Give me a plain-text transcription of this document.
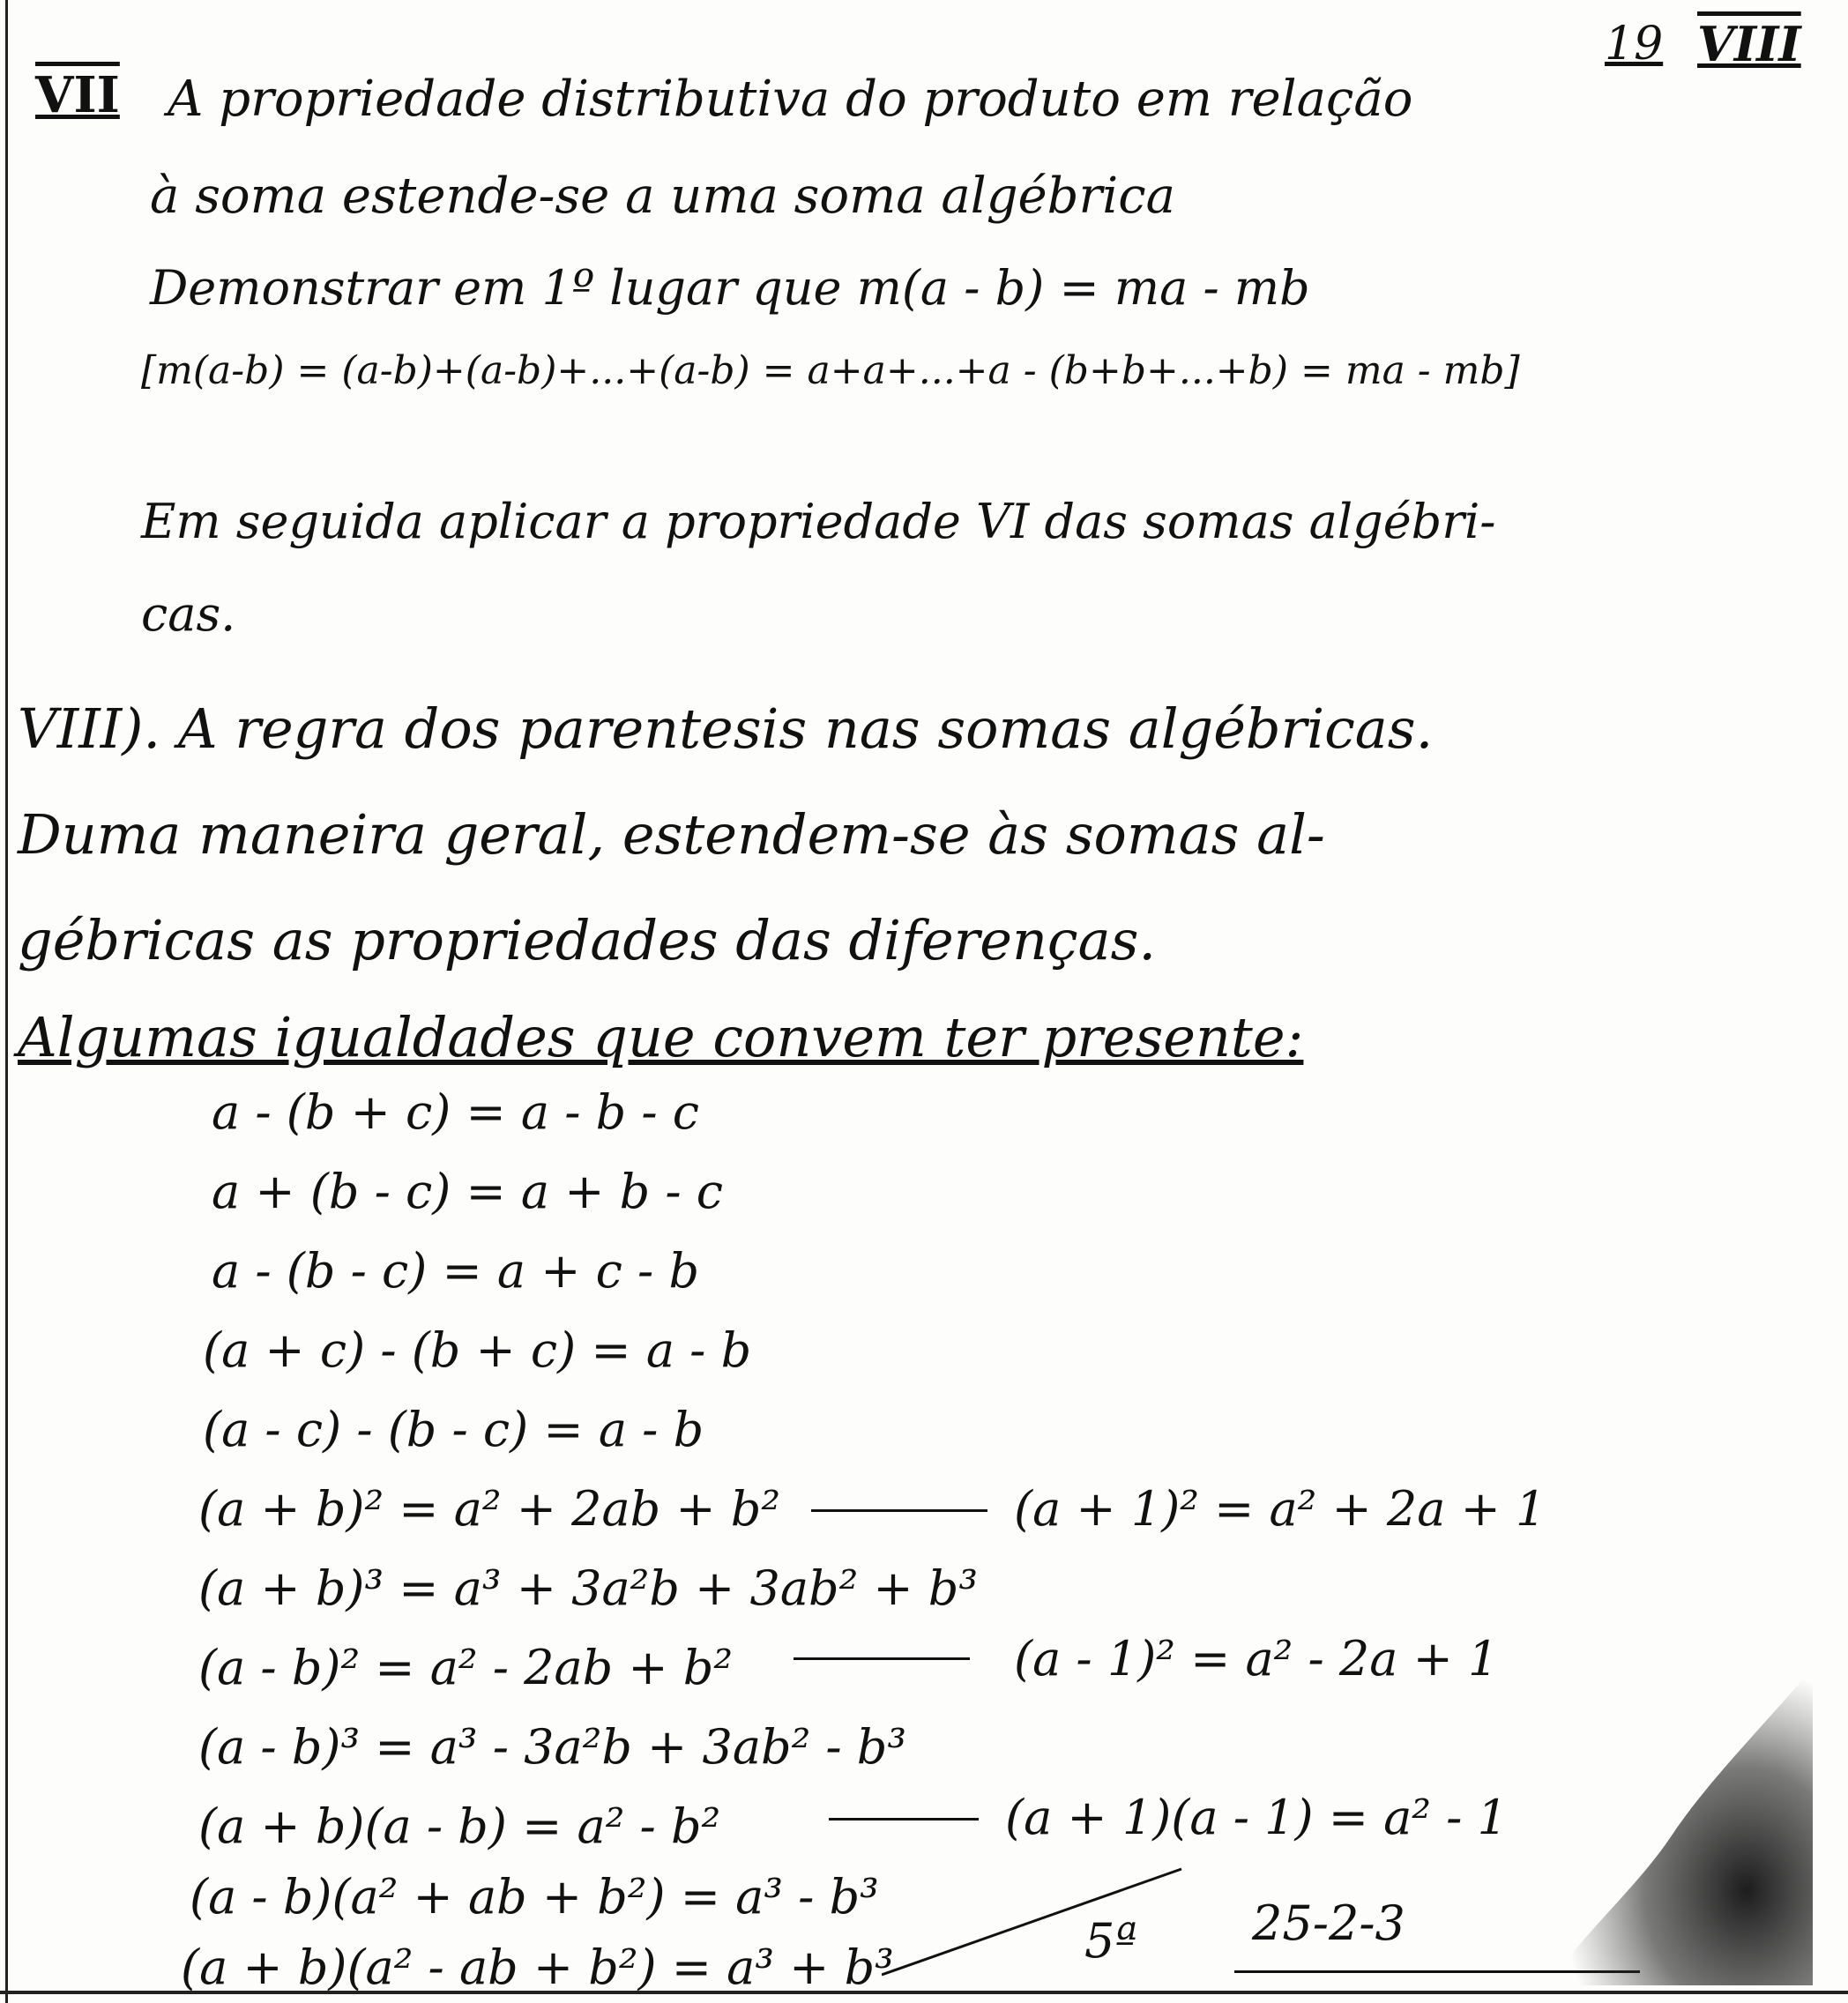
19 VIII
VII A propriedade distributiva do produto em relação
à soma estende-se a uma soma algébrica
Demonstrar em 1º lugar que m(a - b) = ma - mb
[m(a-b) = (a-b)+(a-b)+...+(a-b) = a+a+...+a - (b+b+...+b) = ma - mb]
Em seguida aplicar a propriedade VI das somas algébri-
cas.
VIII). A regra dos parentesis nas somas algébricas.
Duma maneira geral, estendem-se às somas al-
gébricas as propriedades das diferenças.
Algumas igualdades que convem ter presente:
a - (b + c) = a - b - c
a + (b - c) = a + b - c
a - (b - c) = a + c - b
(a + c) - (b + c) = a - b
(a - c) - (b - c) = a - b
(a + b)² = a² + 2ab + b²
(a + b)³ = a³ + 3a²b + 3ab² + b³
(a - b)² = a² - 2ab + b²
(a - b)³ = a³ - 3a²b + 3ab² - b³
(a + b)(a - b) = a² - b²
(a - b)(a² + ab + b²) = a³ - b³
(a + b)(a² - ab + b²) = a³ + b³
(a + 1)² = a² + 2a + 1
(a - 1)² = a² - 2a + 1
(a + 1)(a - 1) = a² - 1
5ª 25-2-3
